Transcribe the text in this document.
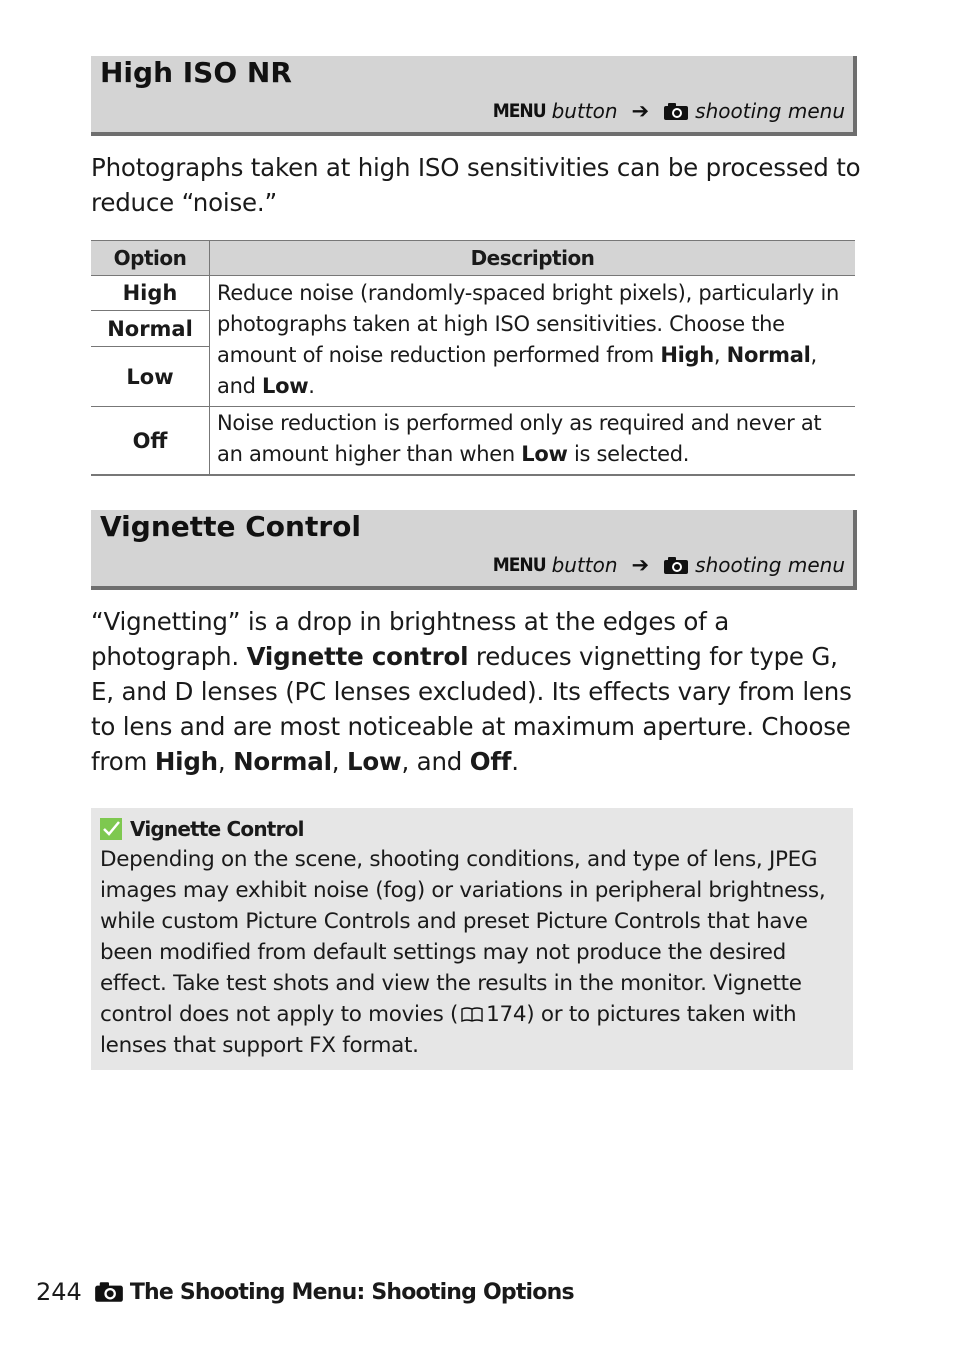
High ISO NR
MENU button ➔ shooting menu
Photographs taken at high ISO sensitivities can be processed to reduce “noise.”
Option	Description
High	Reduce noise (randomly-spaced bright pixels), particularly in photographs taken at high ISO sensitivities. Choose the amount of noise reduction performed from High, Normal, and Low.
Normal	
Low	
Off	Noise reduction is performed only as required and never at an amount higher than when Low is selected.
Vignette Control
MENU button ➔ shooting menu
“Vignetting” is a drop in brightness at the edges of a photograph. Vignette control reduces vignetting for type G, E, and D lenses (PC lenses excluded). Its effects vary from lens to lens and are most noticeable at maximum aperture. Choose from High, Normal, Low, and Off.
Vignette Control
Depending on the scene, shooting conditions, and type of lens, JPEG images may exhibit noise (fog) or variations in peripheral brightness, while custom Picture Controls and preset Picture Controls that have been modified from default settings may not produce the desired effect. Take test shots and view the results in the monitor. Vignette control does not apply to movies ( 174) or to pictures taken with lenses that support FX format.
244 The Shooting Menu: Shooting Options
